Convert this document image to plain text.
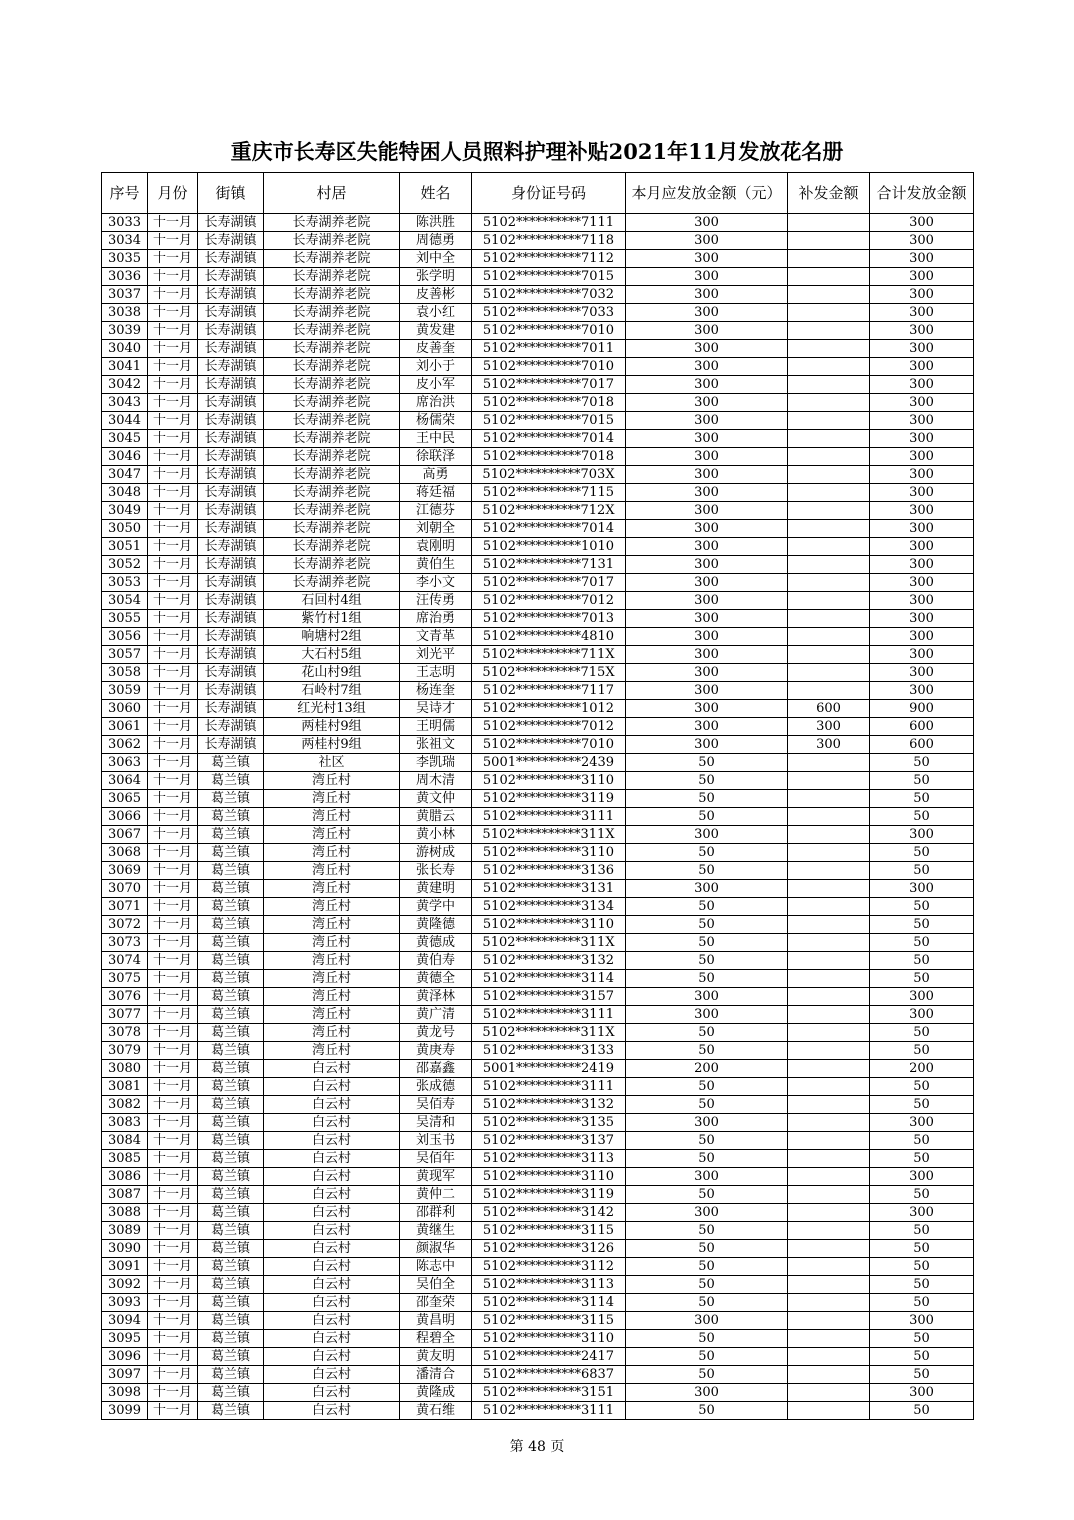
重庆市长寿区失能特困人员照料护理补贴2021年11月发放花名册
序号	月份	街镇	村居	姓名	身份证号码	本月应发放金额（元）	补发金额	合计发放金额
3033	十一月	长寿湖镇	长寿湖养老院	陈洪胜	5102**********7111	300		300
3034	十一月	长寿湖镇	长寿湖养老院	周德勇	5102**********7118	300		300
3035	十一月	长寿湖镇	长寿湖养老院	刘中全	5102**********7112	300		300
3036	十一月	长寿湖镇	长寿湖养老院	张学明	5102**********7015	300		300
3037	十一月	长寿湖镇	长寿湖养老院	皮善彬	5102**********7032	300		300
3038	十一月	长寿湖镇	长寿湖养老院	袁小红	5102**********7033	300		300
3039	十一月	长寿湖镇	长寿湖养老院	黄发建	5102**********7010	300		300
3040	十一月	长寿湖镇	长寿湖养老院	皮善奎	5102**********7011	300		300
3041	十一月	长寿湖镇	长寿湖养老院	刘小于	5102**********7010	300		300
3042	十一月	长寿湖镇	长寿湖养老院	皮小军	5102**********7017	300		300
3043	十一月	长寿湖镇	长寿湖养老院	席治洪	5102**********7018	300		300
3044	十一月	长寿湖镇	长寿湖养老院	杨儒荣	5102**********7015	300		300
3045	十一月	长寿湖镇	长寿湖养老院	王中民	5102**********7014	300		300
3046	十一月	长寿湖镇	长寿湖养老院	徐联泽	5102**********7018	300		300
3047	十一月	长寿湖镇	长寿湖养老院	高勇	5102**********703X	300		300
3048	十一月	长寿湖镇	长寿湖养老院	蒋廷福	5102**********7115	300		300
3049	十一月	长寿湖镇	长寿湖养老院	江德芬	5102**********712X	300		300
3050	十一月	长寿湖镇	长寿湖养老院	刘朝全	5102**********7014	300		300
3051	十一月	长寿湖镇	长寿湖养老院	袁刚明	5102**********1010	300		300
3052	十一月	长寿湖镇	长寿湖养老院	黄伯生	5102**********7131	300		300
3053	十一月	长寿湖镇	长寿湖养老院	李小文	5102**********7017	300		300
3054	十一月	长寿湖镇	石回村4组	汪传勇	5102**********7012	300		300
3055	十一月	长寿湖镇	紫竹村1组	席治勇	5102**********7013	300		300
3056	十一月	长寿湖镇	响塘村2组	文青革	5102**********4810	300		300
3057	十一月	长寿湖镇	大石村5组	刘光平	5102**********711X	300		300
3058	十一月	长寿湖镇	花山村9组	王志明	5102**********715X	300		300
3059	十一月	长寿湖镇	石岭村7组	杨连奎	5102**********7117	300		300
3060	十一月	长寿湖镇	红光村13组	吴诗才	5102**********1012	300	600	900
3061	十一月	长寿湖镇	两桂村9组	王明儒	5102**********7012	300	300	600
3062	十一月	长寿湖镇	两桂村9组	张祖文	5102**********7010	300	300	600
3063	十一月	葛兰镇	社区	李凯瑞	5001**********2439	50		50
3064	十一月	葛兰镇	湾丘村	周木清	5102**********3110	50		50
3065	十一月	葛兰镇	湾丘村	黄文仲	5102**********3119	50		50
3066	十一月	葛兰镇	湾丘村	黄腊云	5102**********3111	50		50
3067	十一月	葛兰镇	湾丘村	黄小林	5102**********311X	300		300
3068	十一月	葛兰镇	湾丘村	游树成	5102**********3110	50		50
3069	十一月	葛兰镇	湾丘村	张长寿	5102**********3136	50		50
3070	十一月	葛兰镇	湾丘村	黄建明	5102**********3131	300		300
3071	十一月	葛兰镇	湾丘村	黄学中	5102**********3134	50		50
3072	十一月	葛兰镇	湾丘村	黄隆德	5102**********3110	50		50
3073	十一月	葛兰镇	湾丘村	黄德成	5102**********311X	50		50
3074	十一月	葛兰镇	湾丘村	黄伯寿	5102**********3132	50		50
3075	十一月	葛兰镇	湾丘村	黄德全	5102**********3114	50		50
3076	十一月	葛兰镇	湾丘村	黄泽林	5102**********3157	300		300
3077	十一月	葛兰镇	湾丘村	黄广清	5102**********3111	300		300
3078	十一月	葛兰镇	湾丘村	黄龙号	5102**********311X	50		50
3079	十一月	葛兰镇	湾丘村	黄庚寿	5102**********3133	50		50
3080	十一月	葛兰镇	白云村	邵嘉鑫	5001**********2419	200		200
3081	十一月	葛兰镇	白云村	张成德	5102**********3111	50		50
3082	十一月	葛兰镇	白云村	吴佰寿	5102**********3132	50		50
3083	十一月	葛兰镇	白云村	吴清和	5102**********3135	300		300
3084	十一月	葛兰镇	白云村	刘玉书	5102**********3137	50		50
3085	十一月	葛兰镇	白云村	吴佰年	5102**********3113	50		50
3086	十一月	葛兰镇	白云村	黄现军	5102**********3110	300		300
3087	十一月	葛兰镇	白云村	黄仲二	5102**********3119	50		50
3088	十一月	葛兰镇	白云村	邵群利	5102**********3142	300		300
3089	十一月	葛兰镇	白云村	黄继生	5102**********3115	50		50
3090	十一月	葛兰镇	白云村	颜淑华	5102**********3126	50		50
3091	十一月	葛兰镇	白云村	陈志中	5102**********3112	50		50
3092	十一月	葛兰镇	白云村	吴伯全	5102**********3113	50		50
3093	十一月	葛兰镇	白云村	邵奎荣	5102**********3114	50		50
3094	十一月	葛兰镇	白云村	黄昌明	5102**********3115	300		300
3095	十一月	葛兰镇	白云村	程碧全	5102**********3110	50		50
3096	十一月	葛兰镇	白云村	黄友明	5102**********2417	50		50
3097	十一月	葛兰镇	白云村	潘清合	5102**********6837	50		50
3098	十一月	葛兰镇	白云村	黄隆成	5102**********3151	300		300
3099	十一月	葛兰镇	白云村	黄石维	5102**********3111	50		50
第 48 页
